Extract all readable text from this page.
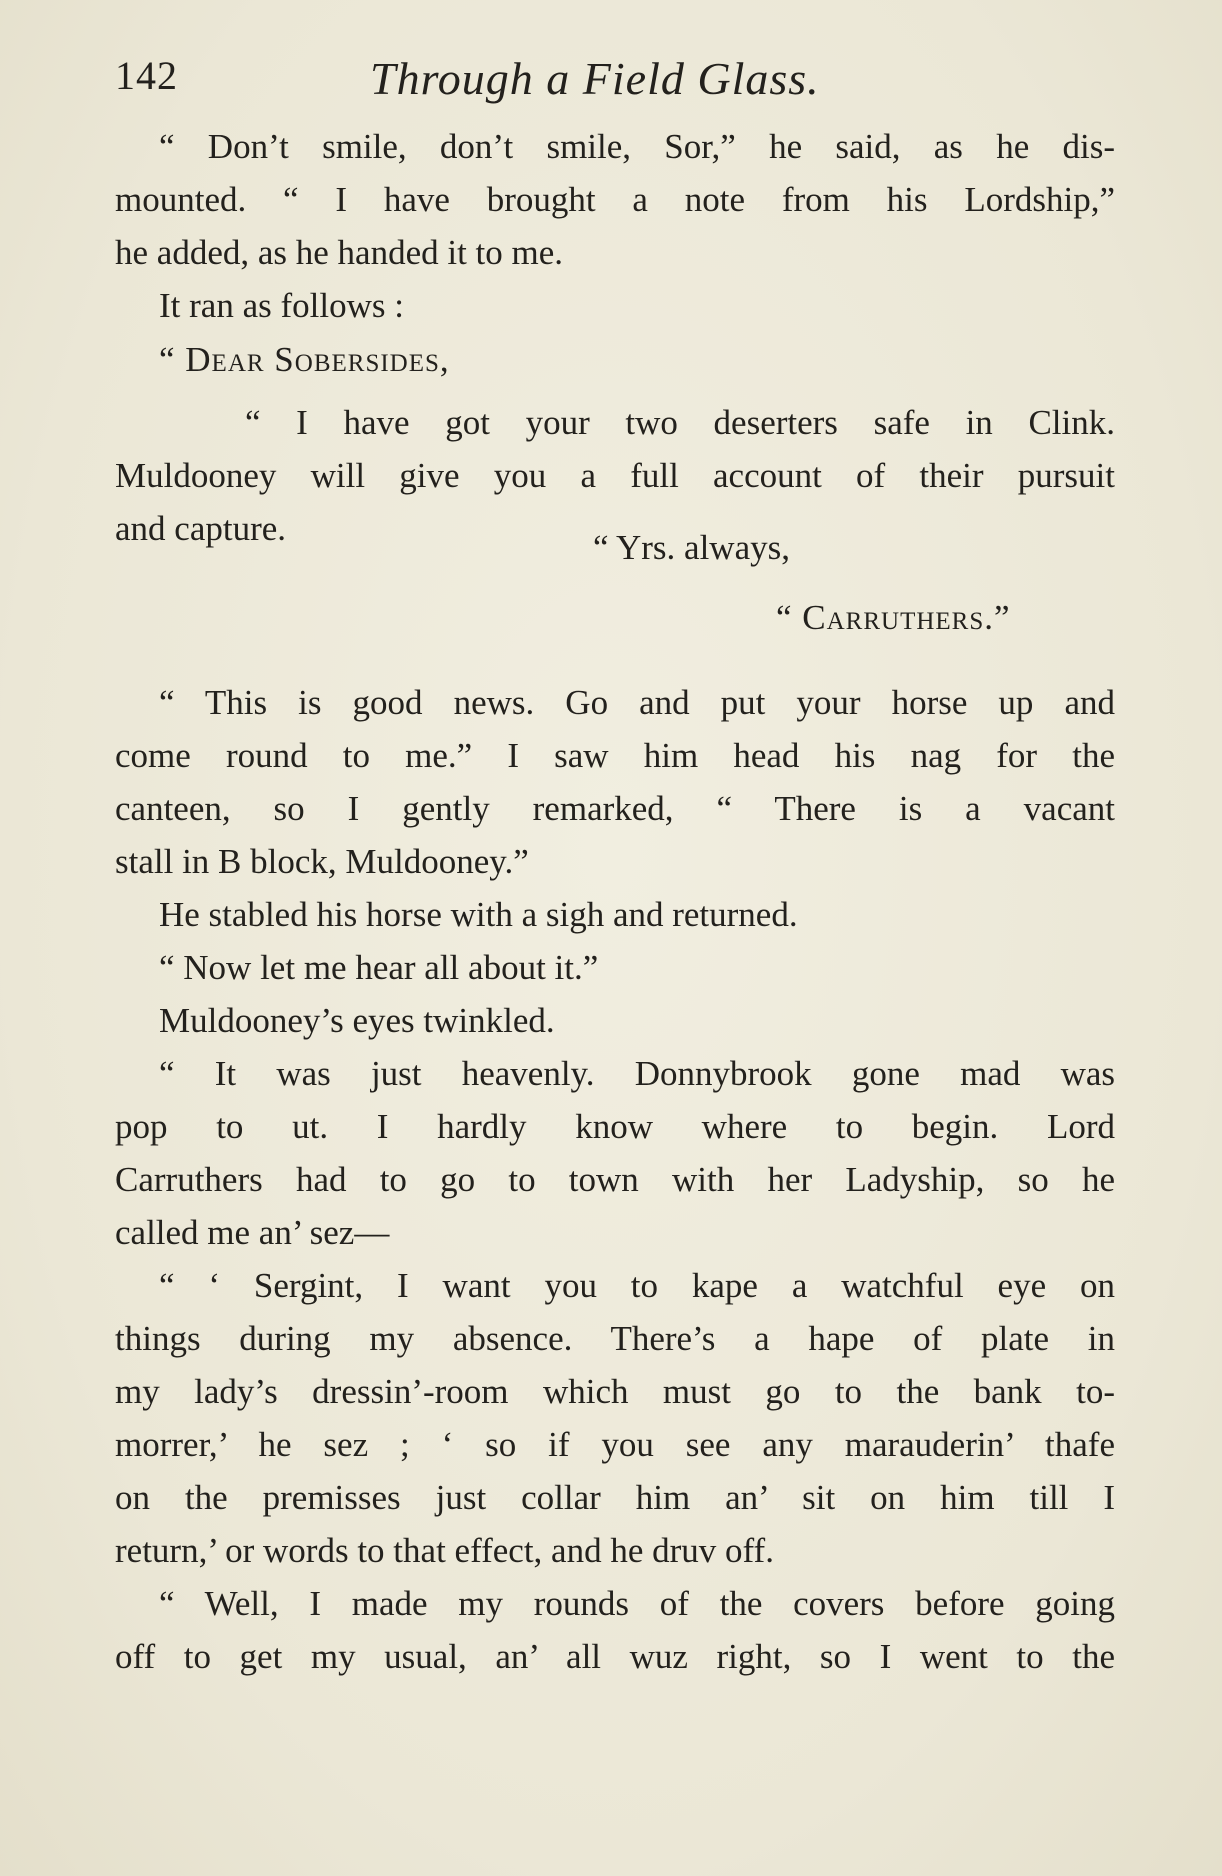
142	Through a Field Glass.
“ Don’t smile, don’t smile, Sor,” he said, as he dis-
mounted. “ I have brought a note from his Lordship,”
he added, as he handed it to me.
It ran as follows :
“ Dear Sobersides,
“ I have got your two deserters safe in Clink.
Muldooney will give you a full account of their pursuit
and capture.	“ Yrs. always,
“ Carruthers.”
“ This is good news. Go and put your horse up and
come round to me.” I saw him head his nag for the
canteen, so I gently remarked, “ There is a vacant
stall in B block, Muldooney.”
He stabled his horse with a sigh and returned.
“ Now let me hear all about it.”
Muldooney’s eyes twinkled.
“ It was just heavenly. Donnybrook gone mad was
pop to ut. I hardly know where to begin. Lord
Carruthers had to go to town with her Ladyship, so he
called me an’ sez—
“ ‘ Sergint, I want you to kape a watchful eye on
things during my absence. There’s a hape of plate in
my lady’s dressin’-room which must go to the bank to-
morrer,’ he sez ; ‘ so if you see any marauderin’ thafe
on the premisses just collar him an’ sit on him till I
return,’ or words to that effect, and he druv off.
“ Well, I made my rounds of the covers before going
off to get my usual, an’ all wuz right, so I went to the
